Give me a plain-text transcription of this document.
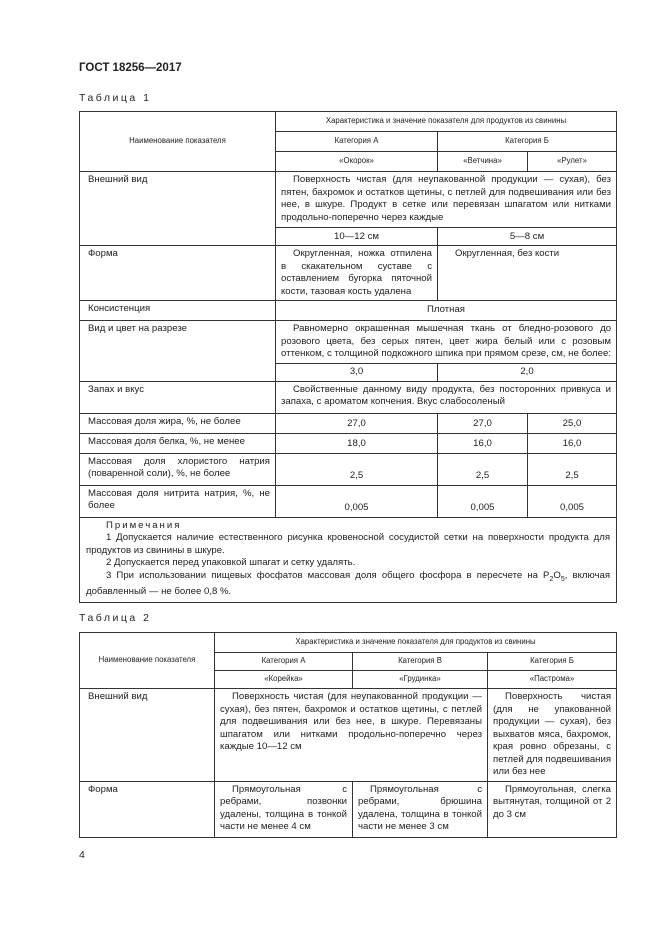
ГОСТ 18256—2017
Таблица 1
Наименование показателя	Характеристика и значение показателя для продуктов из свинины		
	Категория А	Категория Б	
	«Окорок»	«Ветчина»	«Рулет»
Внешний вид	Поверхность чистая (для неупакованной продукции — сухая), без пятен, бахромок и остатков щетины, с петлей для подвешивания или без нее, в шкуре. Продукт в сетке или перевязан шпагатом или нитками продольно-поперечно через каждые		
	10—12 см	5—8 см	
Форма	Округленная, ножка отпилена в скакательном суставе с оставлением бугорка пяточной кости, тазовая кость удалена	Округленная, без кости	
Консистенция	Плотная		
Вид и цвет на разрезе	Равномерно окрашенная мышечная ткань от бледно-розового до розового цвета, без серых пятен, цвет жира белый или с розовым оттенком, с толщиной подкожного шпика при прямом срезе, см, не более:		
	3,0	2,0	
Запах и вкус	Свойственные данному виду продукта, без посторонних привкуса и запаха, с ароматом копчения. Вкус слабосоленый		
Массовая доля жира, %, не более	27,0	27,0	25,0
Массовая доля белка, %, не менее	18,0	16,0	16,0
Массовая доля хлористого натрия (поваренной соли), %, не более	2,5	2,5	2,5
Массовая доля нитрита натрия, %, не более	0,005	0,005	0,005

Примечания
1 Допускается наличие естественного рисунка кровеносной сосудистой сетки на поверхности продукта для продуктов из свинины в шкуре.
2 Допускается перед упаковкой шпагат и сетку удалять.
3 При использовании пищевых фосфатов массовая доля общего фосфора в пересчете на $P_2O_5$, включая добавленный — не более 0,8 %.			
Таблица 2
Наименование показателя	Характеристика и значение показателя для продуктов из свинины		
	Категория А	Категория В	Категория Б
	«Корейка»	«Грудинка»	«Пастрома»
Внешний вид	Поверхность чистая (для неупакованной продукции — сухая), без пятен, бахромок и остатков щетины, с петлей для подвешивания или без нее, в шкуре. Перевязаны шпагатом или нитками продольно-поперечно через каждые 10—12 см		Поверхность чистая (для не упакованной продукции — сухая), без выхватов мяса, бахромок, края ровно обрезаны, с петлей для подвешивания или без нее
Форма	Прямоугольная с ребрами, позвонки удалены, толщина в тонкой части не менее 4 см	Прямоугольная с ребрами, брюшина удалена, толщина в тонкой части не менее 3 см	Прямоугольная, слегка вытянутая, толщиной от 2 до 3 см
4
